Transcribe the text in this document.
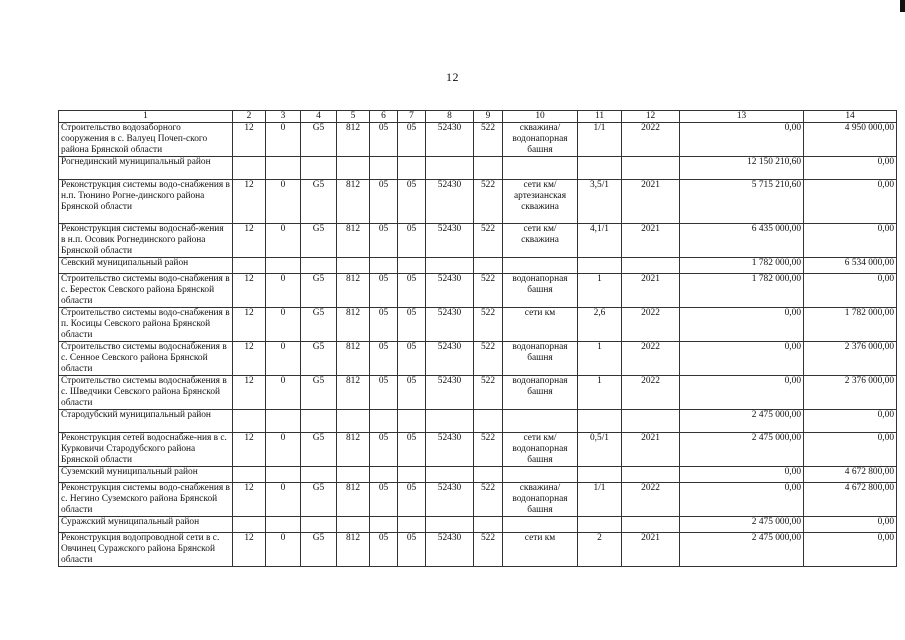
12
1	2	3	4	5	6	7	8	9	10	11	12	13	14
Строительство водозаборного сооружения в с. Валуец Почеп-ского района Брянской области	12	0	G5	812	05	05	52430	522	скважина/ водонапорная башня	1/1	2022	0,00	4 950 000,00
Рогнединский муниципальный район												12 150 210,60	0,00
Реконструкция системы водо-снабжения в н.п. Тюнино Рогне-динского района Брянской области	12	0	G5	812	05	05	52430	522	сети км/ артезианская скважина	3,5/1	2021	5 715 210,60	0,00
Реконструкция системы водоснаб-жения в н.п. Осовик Рогнединского района Брянской области	12	0	G5	812	05	05	52430	522	сети км/ скважина	4,1/1	2021	6 435 000,00	0,00
Севский муниципальный район												1 782 000,00	6 534 000,00
Строительство системы водо-снабжения в с. Бересток Севского района Брянской области	12	0	G5	812	05	05	52430	522	водонапорная башня	1	2021	1 782 000,00	0,00
Строительство системы водо-снабжения в п. Косицы Севского района Брянской области	12	0	G5	812	05	05	52430	522	сети км	2,6	2022	0,00	1 782 000,00
Строительство системы водоснабжения в с. Сенное Севского района Брянской области	12	0	G5	812	05	05	52430	522	водонапорная башня	1	2022	0,00	2 376 000,00
Строительство системы водоснабжения в с. Шведчики Севского района Брянской области	12	0	G5	812	05	05	52430	522	водонапорная башня	1	2022	0,00	2 376 000,00
Стародубский муниципальный район												2 475 000,00	0,00
Реконструкция сетей водоснабже-ния в с. Курковичи Стародубского района Брянской области	12	0	G5	812	05	05	52430	522	сети км/ водонапорная башня	0,5/1	2021	2 475 000,00	0,00
Суземский муниципальный район												0,00	4 672 800,00
Реконструкция системы водо-снабжения в с. Негино Суземского района Брянской области	12	0	G5	812	05	05	52430	522	скважина/ водонапорная башня	1/1	2022	0,00	4 672 800,00
Суражский муниципальный район												2 475 000,00	0,00
Реконструкция водопроводной сети в с. Овчинец Суражского района Брянской области	12	0	G5	812	05	05	52430	522	сети км	2	2021	2 475 000,00	0,00
